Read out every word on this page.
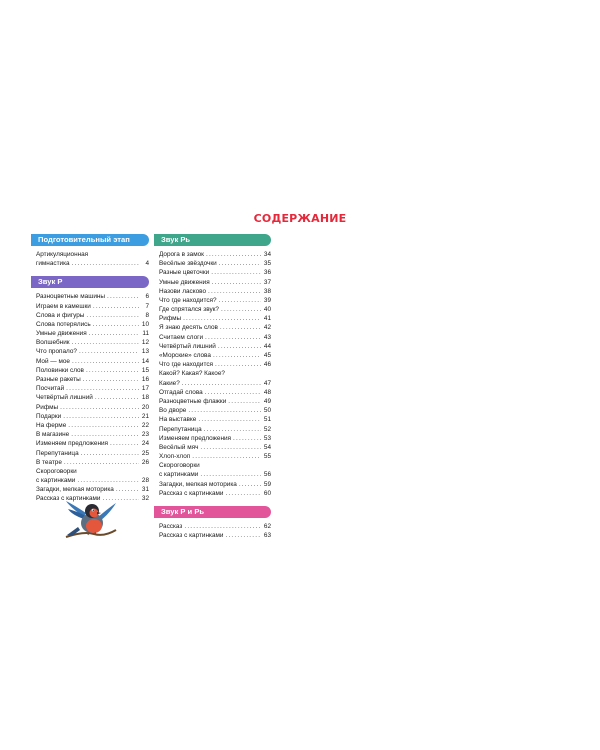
СОДЕРЖАНИЕ
Подготовительный этап
Артикуляционная
гимнастика .....	4
Звук Р
Разноцветные машины .....	6
Играем в камешки .....	7
Слова и фигуры .....	8
Слова потерялись .....	10
Умные движения .....	11
Волшебник .....	12
Что пропало? .....	13
Мой — мое .....	14
Половинки слов .....	15
Разные ракеты .....	16
Посчитай .....	17
Четвёртый лишний .....	18
Рифмы .....	20
Подарки .....	21
На ферме .....	22
В магазине .....	23
Изменяем предложения .....	24
Перепутаница .....	25
В театре .....	26
Скороговорки
с картинками .....	28
Загадки, мелкая моторика .....	31
Рассказ с картинками .....	32
Звук Рь
Дорога в замок .....	34
Весёлые звёздочки .....	35
Разные цветочки .....	36
Умные движения .....	37
Назови ласково .....	38
Что где находится? .....	39
Где спрятался звук? .....	40
Рифмы .....	41
Я знаю десять слов .....	42
Считаем слоги .....	43
Четвёртый лишний .....	44
«Морские» слова .....	45
Что где находится .....	46
Какой? Какая? Какое?
Какие? .....	47
Отгадай слова .....	48
Разноцветные флажки .....	49
Во дворе .....	50
На выставке .....	51
Перепутаница .....	52
Изменяем предложения .....	53
Весёлый мяч .....	54
Хлоп-хлоп .....	55
Скороговорки
с картинками .....	56
Загадки, мелкая моторика .....	59
Рассказ с картинками .....	60
Звук Р и Рь
Рассказ .....	62
Рассказ с картинками .....	63
